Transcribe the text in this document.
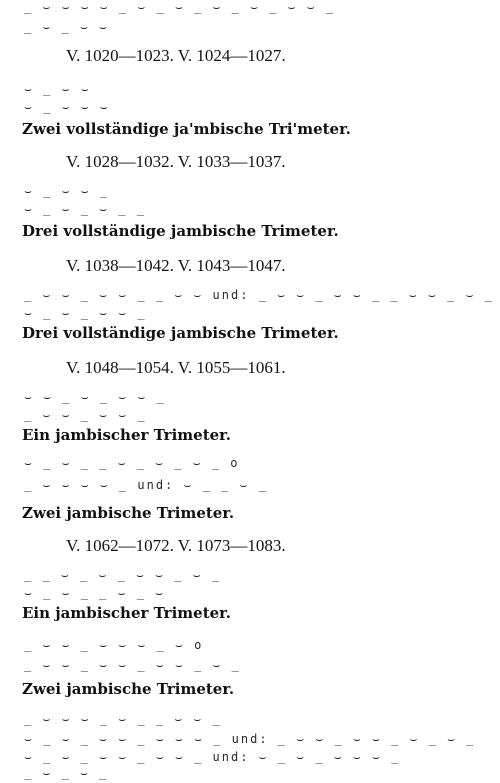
_ ⌣ ⌣ ⌣ ⌣ _ ⌣ _ ⌣ _ ⌣ _ ⌣ _ ⌣ ⌣ _
_ ⌣ _ ⌣ ⌣
V. 1020—1023. V. 1024—1027.
⌣ _ ⌣ ⌣
⌣ _ ⌣ ⌣ ⌣
Zwei vollständige ja'mbische Tri'meter.
V. 1028—1032. V. 1033—1037.
⌣ _ ⌣ ⌣ _
⌣ _ ⌣ _ ⌣ _ _
Drei vollständige jambische Trimeter.
V. 1038—1042. V. 1043—1047.
_ ⌣ ⌣ _ ⌣ ⌣ _ _ ⌣ ⌣ und: _ ⌣ ⌣ _ ⌣ ⌣ _ _ ⌣ ⌣ _ ⌣ _
⌣ _ ⌣ _ ⌣ ⌣ _
Drei vollständige jambische Trimeter.
V. 1048—1054. V. 1055—1061.
⌣ ⌣ _ ⌣ _ ⌣ ⌣ _
_ ⌣ ⌣ _ ⌣ ⌣ _
Ein jambischer Trimeter.
⌣ _ ⌣ _ _ ⌣ _ ⌣ _ ⌣ _ o
_ ⌣ ⌣ ⌣ ⌣ _ und: ⌣ _ _ ⌣ _
Zwei jambische Trimeter.
V. 1062—1072. V. 1073—1083.
_ _ ⌣ _ ⌣ _ ⌣ ⌣ _ ⌣ _
⌣ _ ⌣ _ _ ⌣ _ ⌣
Ein jambischer Trimeter.
_ ⌣ ⌣ _ ⌣ ⌣ ⌣ _ ⌣ o
_ ⌣ ⌣ _ ⌣ ⌣ _ ⌣ ⌣ _ ⌣ _
Zwei jambische Trimeter.
_ ⌣ ⌣ ⌣ _ ⌣ _ _ ⌣ ⌣ _
⌣ _ ⌣ _ ⌣ ⌣ _ ⌣ ⌣ ⌣ _ und: _ ⌣ ⌣ _ ⌣ ⌣ _ ⌣ _ ⌣ _
⌣ _ ⌣ _ ⌣ ⌣ _ ⌣ ⌣ _ und: ⌣ _ ⌣ _ ⌣ ⌣ ⌣ _
_ ⌣ _ ⌣ _
